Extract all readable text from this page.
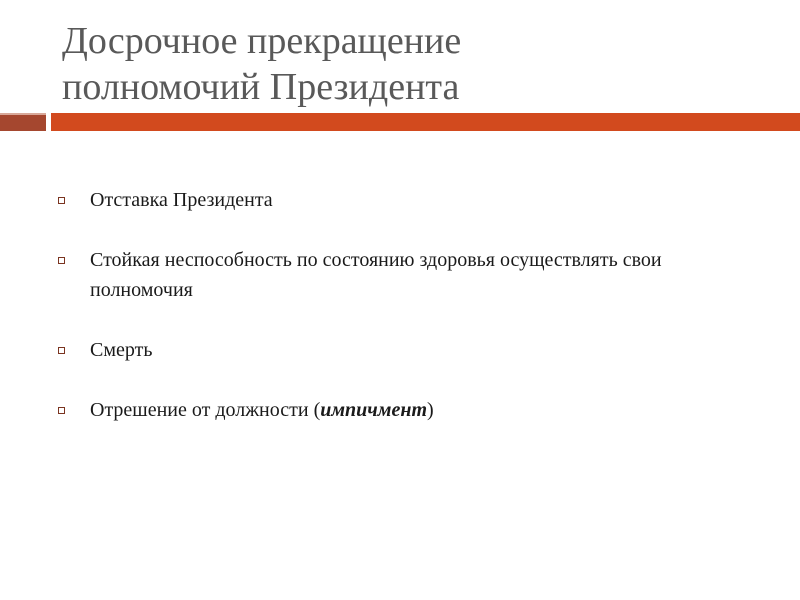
Досрочное прекращение
полномочий Президента
Отставка Президента
Стойкая неспособность по состоянию здоровья осуществлять свои полномочия
Смерть
Отрешение от должности (импичмент)
